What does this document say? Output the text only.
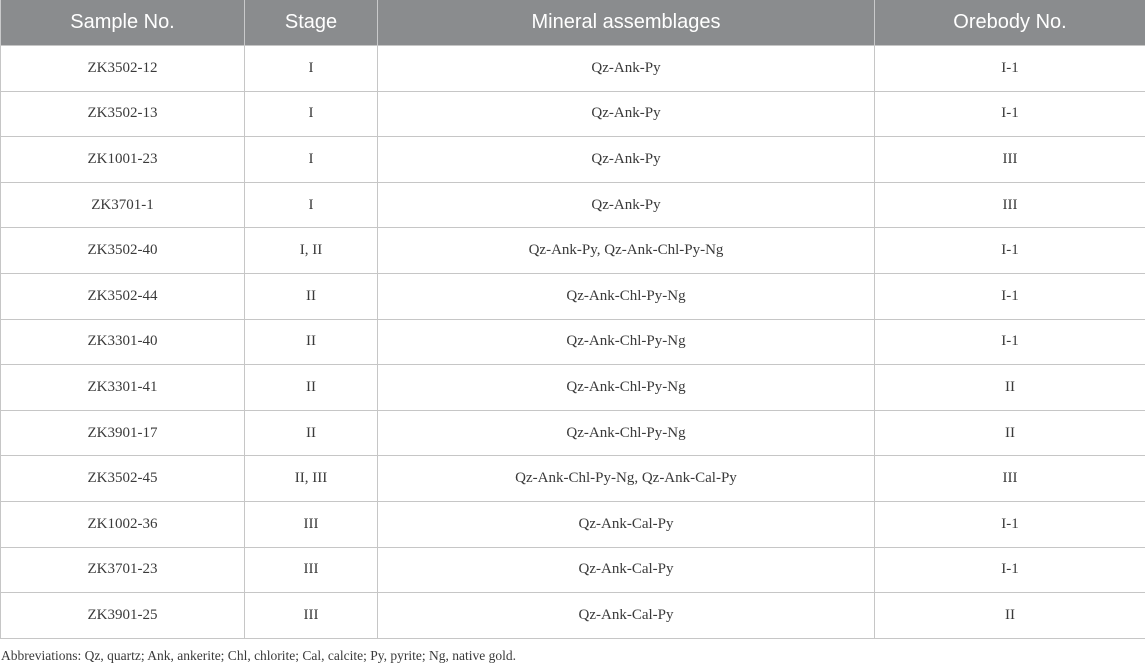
Sample No.	Stage	Mineral assemblages	Orebody No.
ZK3502-12	I	Qz-Ank-Py	I-1
ZK3502-13	I	Qz-Ank-Py	I-1
ZK1001-23	I	Qz-Ank-Py	III
ZK3701-1	I	Qz-Ank-Py	III
ZK3502-40	I, II	Qz-Ank-Py, Qz-Ank-Chl-Py-Ng	I-1
ZK3502-44	II	Qz-Ank-Chl-Py-Ng	I-1
ZK3301-40	II	Qz-Ank-Chl-Py-Ng	I-1
ZK3301-41	II	Qz-Ank-Chl-Py-Ng	II
ZK3901-17	II	Qz-Ank-Chl-Py-Ng	II
ZK3502-45	II, III	Qz-Ank-Chl-Py-Ng, Qz-Ank-Cal-Py	III
ZK1002-36	III	Qz-Ank-Cal-Py	I-1
ZK3701-23	III	Qz-Ank-Cal-Py	I-1
ZK3901-25	III	Qz-Ank-Cal-Py	II
Abbreviations: Qz, quartz; Ank, ankerite; Chl, chlorite; Cal, calcite; Py, pyrite; Ng, native gold.
